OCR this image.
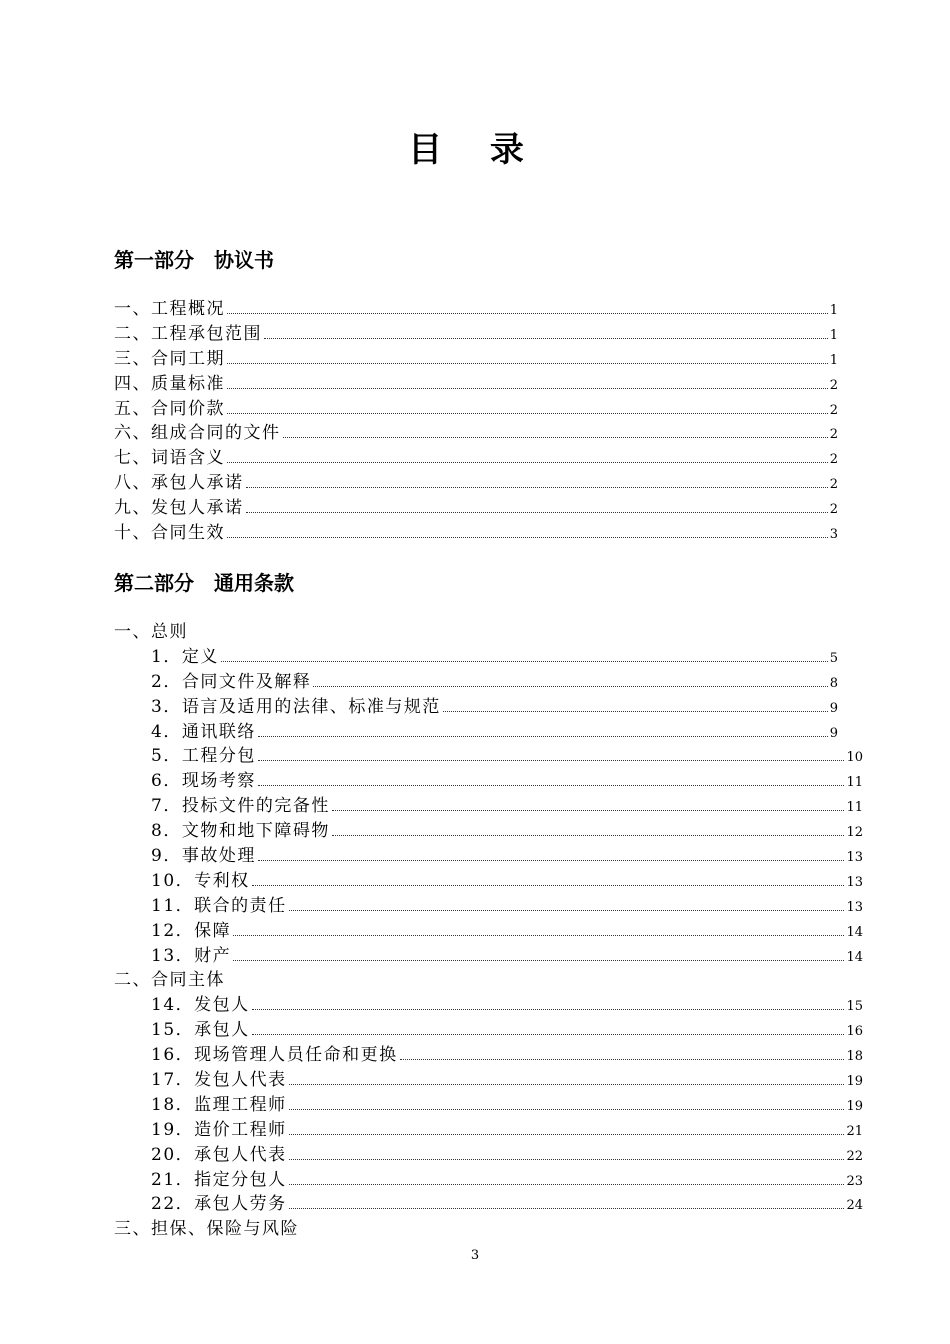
目 录
第一部分　协议书
一、工程概况	1
二、工程承包范围	1
三、合同工期	1
四、质量标准	2
五、合同价款	2
六、组成合同的文件	2
七、词语含义	2
八、承包人承诺	2
九、发包人承诺	2
十、合同生效	3
第二部分　通用条款
一、总则
1．定义	5
2．合同文件及解释	8
3．语言及适用的法律、标准与规范	9
4．通讯联络	9
5．工程分包	10
6．现场考察	11
7．投标文件的完备性	11
8．文物和地下障碍物	12
9．事故处理	13
10．专利权	13
11．联合的责任	13
12．保障	14
13．财产	14
二、合同主体
14．发包人	15
15．承包人	16
16．现场管理人员任命和更换	18
17．发包人代表	19
18．监理工程师	19
19．造价工程师	21
20．承包人代表	22
21．指定分包人	23
22．承包人劳务	24
三、担保、保险与风险
3
